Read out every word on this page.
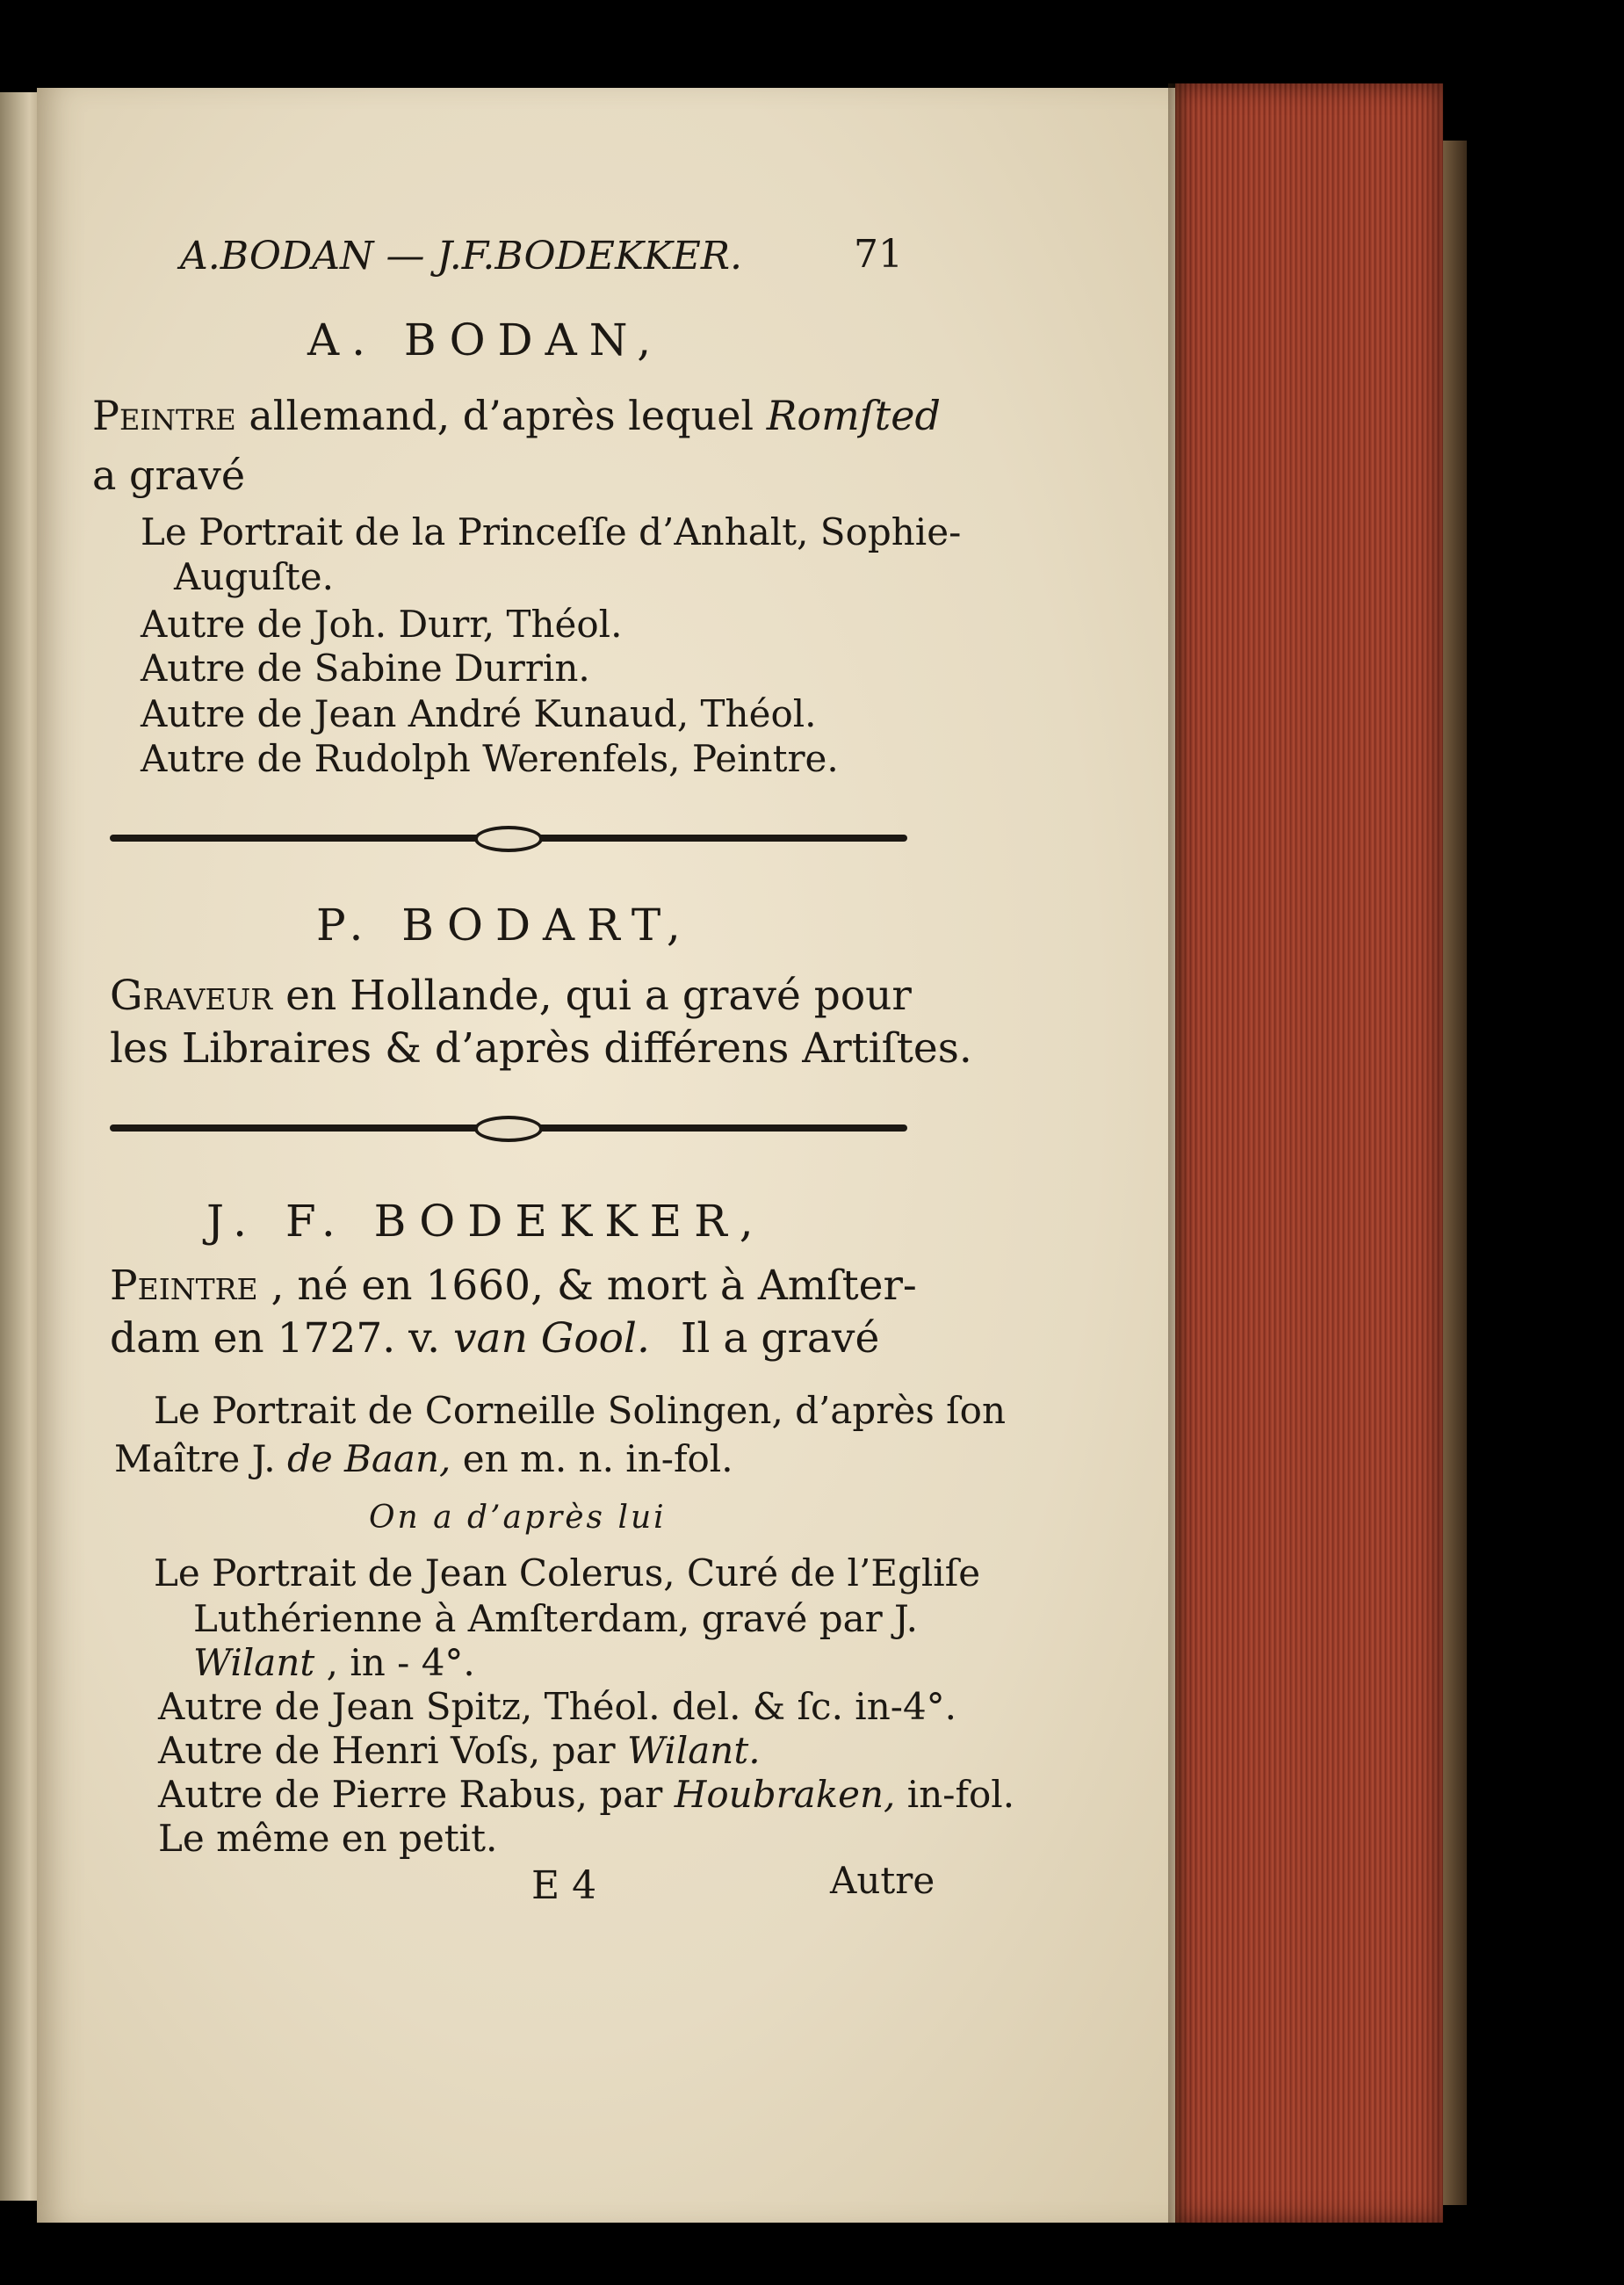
A.BODAN — J.F.BODEKKER.	71
A. BODAN,
Peintre allemand, d’après lequel Romſted
a gravé
Le Portrait de la Princeſſe d’Anhalt, Sophie-
Auguſte.
Autre de Joh. Durr, Théol.
Autre de Sabine Durrin.
Autre de Jean André Kunaud, Théol.
Autre de Rudolph Werenfels, Peintre.
P. BODART,
Graveur en Hollande, qui a gravé pour
les Libraires & d’après différens Artiſtes.
J. F. BODEKKER,
Peintre , né en 1660, & mort à Amſter-
dam en 1727. v. van Gool. Il a gravé
Le Portrait de Corneille Solingen, d’après ſon
Maître J. de Baan, en m. n. in-fol.
On a d’après lui
Le Portrait de Jean Colerus, Curé de l’Egliſe
Luthérienne à Amſterdam, gravé par J.
Wilant , in - 4°.
Autre de Jean Spitz, Théol. del. & ſc. in-4°.
Autre de Henri Voſs, par Wilant.
Autre de Pierre Rabus, par Houbraken, in-fol.
Le même en petit.
E 4	Autre
